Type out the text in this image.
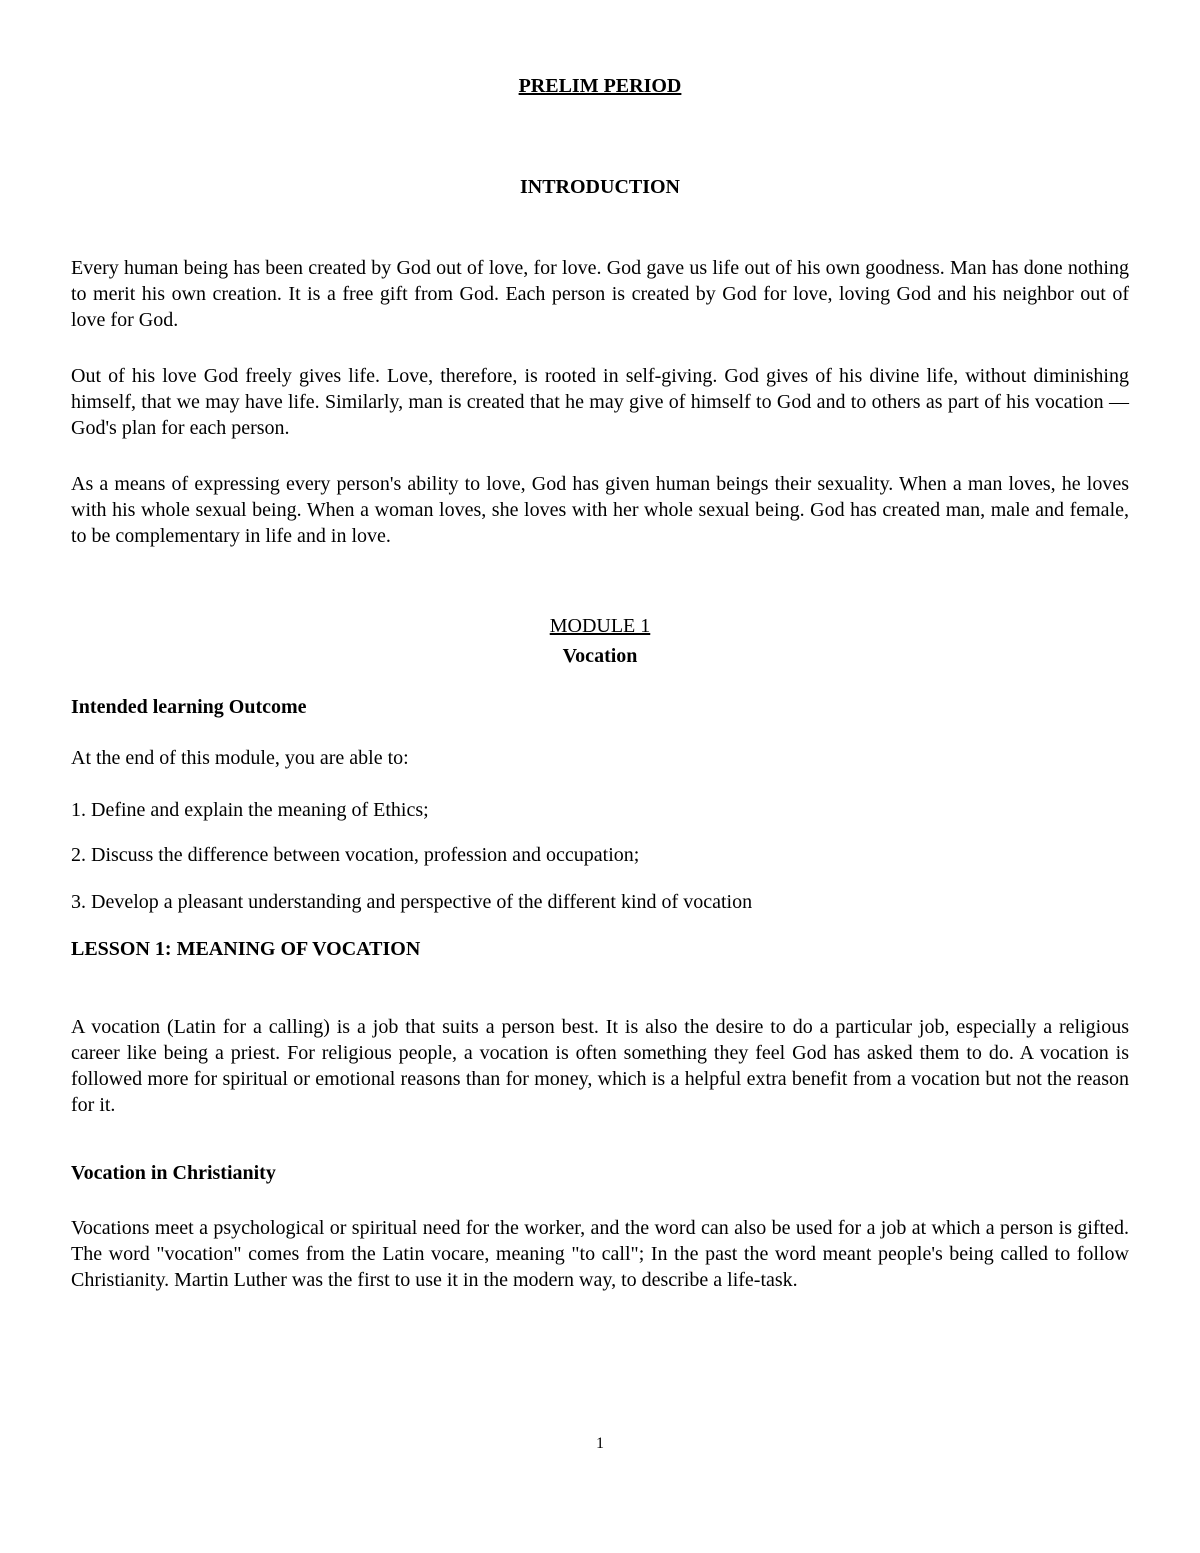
PRELIM PERIOD
INTRODUCTION

Every human being has been created by God out of love, for love. God gave us life out of his own goodness. Man has done nothing to merit his own creation. It is a free gift from God. Each person is created by God for love, loving God and his neighbor out of love for God.

Out of his love God freely gives life. Love, therefore, is rooted in self-giving. God gives of his divine life, without diminishing himself, that we may have life. Similarly, man is created that he may give of himself to God and to others as part of his vocation — God's plan for each person.

As a means of expressing every person's ability to love, God has given human beings their sexuality. When a man loves, he loves with his whole sexual being. When a woman loves, she loves with her whole sexual being. God has created man, male and female, to be complementary in life and in love.

MODULE 1
Vocation

Intended learning Outcome

At the end of this module, you are able to:

1. Define and explain the meaning of Ethics;

2. Discuss the difference between vocation, profession and occupation;

3. Develop a pleasant understanding and perspective of the different kind of vocation

LESSON 1: MEANING OF VOCATION

A vocation (Latin for a calling) is a job that suits a person best. It is also the desire to do a particular job, especially a religious career like being a priest. For religious people, a vocation is often something they feel God has asked them to do. A vocation is followed more for spiritual or emotional reasons than for money, which is a helpful extra benefit from a vocation but not the reason for it.

Vocation in Christianity

Vocations meet a psychological or spiritual need for the worker, and the word can also be used for a job at which a person is gifted. The word "vocation" comes from the Latin vocare, meaning "to call"; In the past the word meant people's being called to follow Christianity. Martin Luther was the first to use it in the modern way, to describe a life-task.

1
